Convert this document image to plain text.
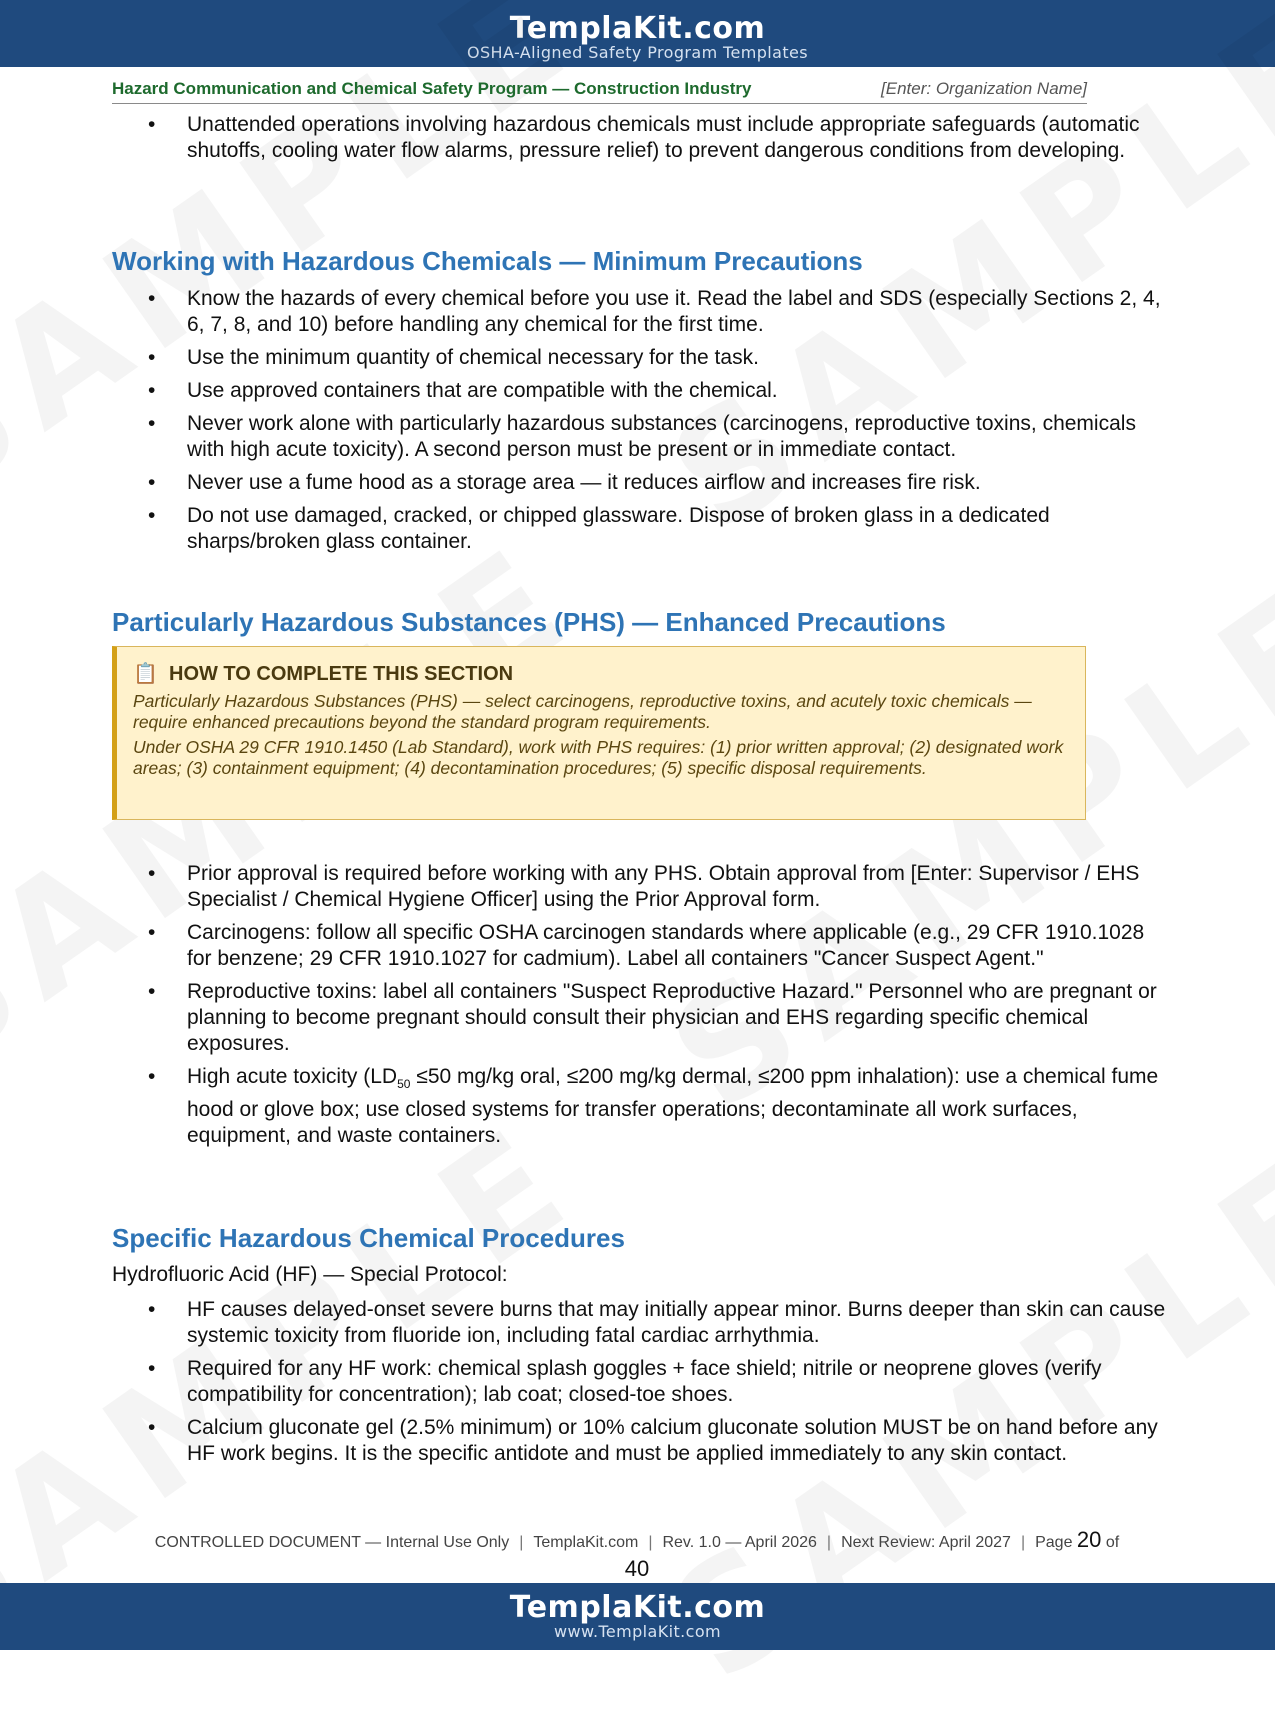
TemplaKit.com
OSHA-Aligned Safety Program Templates
Hazard Communication and Chemical Safety Program — Construction Industry	[Enter: Organization Name]
• Unattended operations involving hazardous chemicals must include appropriate safeguards (automatic shutoffs, cooling water flow alarms, pressure relief) to prevent dangerous conditions from developing.
Working with Hazardous Chemicals — Minimum Precautions
• Know the hazards of every chemical before you use it. Read the label and SDS (especially Sections 2, 4, 6, 7, 8, and 10) before handling any chemical for the first time.
• Use the minimum quantity of chemical necessary for the task.
• Use approved containers that are compatible with the chemical.
• Never work alone with particularly hazardous substances (carcinogens, reproductive toxins, chemicals with high acute toxicity). A second person must be present or in immediate contact.
• Never use a fume hood as a storage area — it reduces airflow and increases fire risk.
• Do not use damaged, cracked, or chipped glassware. Dispose of broken glass in a dedicated sharps/broken glass container.
Particularly Hazardous Substances (PHS) — Enhanced Precautions
📋 HOW TO COMPLETE THIS SECTION

Particularly Hazardous Substances (PHS) — select carcinogens, reproductive toxins, and acutely toxic chemicals — require enhanced precautions beyond the standard program requirements.

Under OSHA 29 CFR 1910.1450 (Lab Standard), work with PHS requires: (1) prior written approval; (2) designated work areas; (3) containment equipment; (4) decontamination procedures; (5) specific disposal requirements.

• Prior approval is required before working with any PHS. Obtain approval from [Enter: Supervisor / EHS Specialist / Chemical Hygiene Officer] using the Prior Approval form.
• Carcinogens: follow all specific OSHA carcinogen standards where applicable (e.g., 29 CFR 1910.1028 for benzene; 29 CFR 1910.1027 for cadmium). Label all containers "Cancer Suspect Agent."
• Reproductive toxins: label all containers "Suspect Reproductive Hazard." Personnel who are pregnant or planning to become pregnant should consult their physician and EHS regarding specific chemical exposures.
• High acute toxicity ($LD_{50} \le 50$ mg/kg oral, ≤200 mg/kg dermal, ≤200 ppm inhalation): use a chemical fume hood or glove box; use closed systems for transfer operations; decontaminate all work surfaces, equipment, and waste containers.
Specific Hazardous Chemical Procedures
Hydrofluoric Acid (HF) — Special Protocol:
• HF causes delayed-onset severe burns that may initially appear minor. Burns deeper than skin can cause systemic toxicity from fluoride ion, including fatal cardiac arrhythmia.
• Required for any HF work: chemical splash goggles + face shield; nitrile or neoprene gloves (verify compatibility for concentration); lab coat; closed-toe shoes.
• Calcium gluconate gel (2.5% minimum) or 10% calcium gluconate solution MUST be on hand before any HF work begins. It is the specific antidote and must be applied immediately to any skin contact.
CONTROLLED DOCUMENT — Internal Use Only | TemplaKit.com | Rev. 1.0 — April 2026 | Next Review: April 2027 | Page 20 of
40
TemplaKit.com
www.TemplaKit.com
